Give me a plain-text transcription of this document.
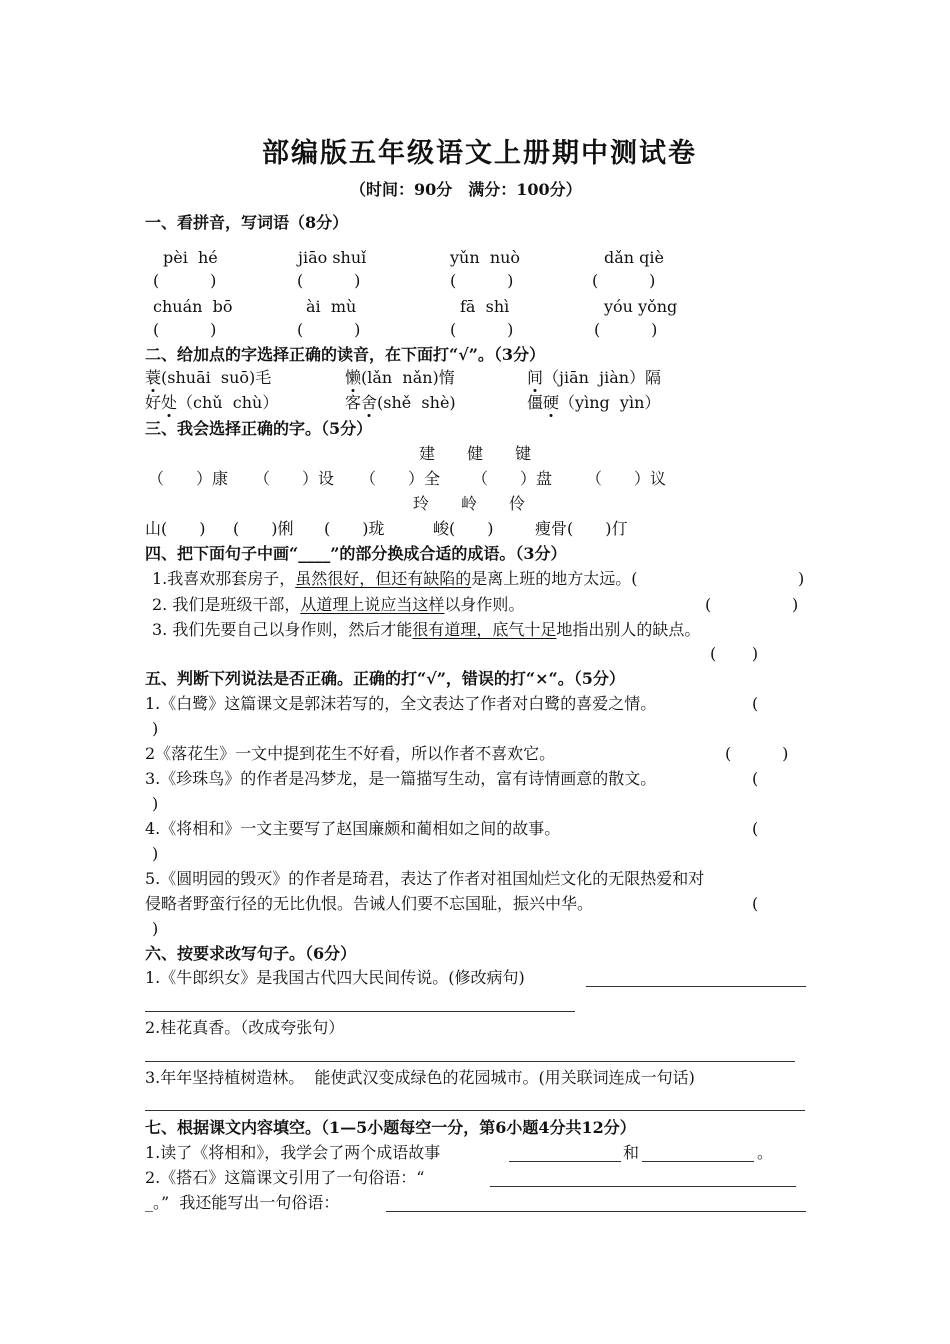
部编版五年级语文上册期中测试卷
（时间：90分　满分：100分）
一、看拼音，写词语（8分）
pèi  hé	jiāo shuǐ	yǔn  nuò	dǎn qiè
(          )	(          )	(          )	(          )
chuán  bō	ài  mù	fā  shì	yóu yǒng
(          )	(          )	(          )	(          )
二、给加点的字选择正确的读音，在下面打“√”。（3分）
蓑(shuāi  suō)毛	懒(lǎn  nǎn)惰	间（jiān  jiàn）隔
好处（chǔ  chù）	客舍(shě  shè)	僵硬（yìng  yìn）
三、我会选择正确的字。（5分）
建　　健　　键
（　　）康 （　　）设 （　　）全 （　　）盘 （　　）议
玲　　岭　　伶
山(　　) (　　)俐 (　　)珑	峻(　　)	瘦骨(　　)仃
四、把下面句子中画“____”的部分换成合适的成语。（3分）
1.我喜欢那套房子，虽然很好，但还有缺陷的是离上班的地方太远。(	)
2. 我们是班级干部，从道理上说应当这样以身作则。	(	)
3. 我们先要自己以身作则，然后才能很有道理，底气十足地指出别人的缺点。
(       )
五、判断下列说法是否正确。正确的打“√”，错误的打“×“。（5分）
1.《白鹭》这篇课文是郭沫若写的，全文表达了作者对白鹭的喜爱之情。	(
)
2《落花生》一文中提到花生不好看，所以作者不喜欢它。	(          )
3.《珍珠鸟》的作者是冯梦龙，是一篇描写生动，富有诗情画意的散文。	(
)
4.《将相和》一文主要写了赵国廉颇和蔺相如之间的故事。	(
)
5.《圆明园的毁灭》的作者是琦君，表达了作者对祖国灿烂文化的无限热爱和对
侵略者野蛮行径的无比仇恨。告诫人们要不忘国耻，振兴中华。	(
)
六、按要求改写句子。（6分）
1.《牛郎织女》是我国古代四大民间传说。(修改病句)
2.桂花真香。（改成夸张句）
3.年年坚持植树造林。  能使武汉变成绿色的花园城市。(用关联词连成一句话)
七、根据课文内容填空。（1—5小题每空一分，第6小题4分共12分）
1.读了《将相和》，我学会了两个成语故事	和	。
2.《搭石》这篇课文引用了一句俗语：“
_。”  我还能写出一句俗语：
